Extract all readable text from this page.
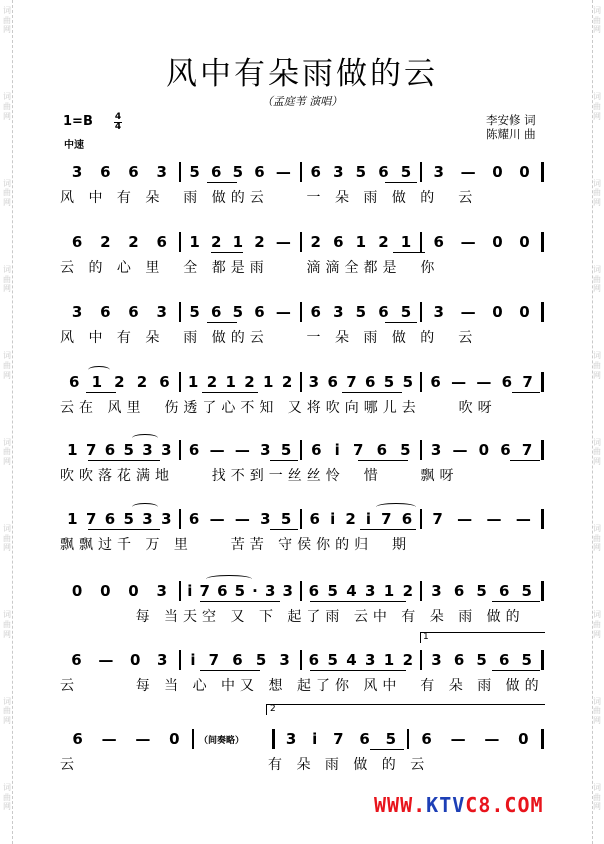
词
曲
网

词
曲
网

词
曲
网

词
曲
网

词
曲
网

词
曲
网

词
曲
网

词
曲
网

词
曲
网

词
曲
网
词
曲
网

词
曲
网

词
曲
网

词
曲
网

词
曲
网

词
曲
网

词
曲
网

词
曲
网

词
曲
网

词
曲
网
风中有朵雨做的云
（孟庭苇 演唱）
1=B 4
4
中速
李安修 词
陈耀川 曲
3 6 6 3 5 6 5 6 — 6 3 5 6 5 3 — 0 0
风 中 有 朵  雨 做的云    一 朵 雨 做 的  云
6 2 2 6 1 2 1 2 — 2 6 1 2 1 6 — 0 0
云 的 心 里  全 都是雨    滴滴全都是  你
3 6 6 3 5 6 5 6 — 6 3 5 6 5 3 — 0 0
风 中 有 朵  雨 做的云    一 朵 雨 做 的  云
6 1 2 2 6 1 2 1 2 1 2 3 6 7 6 5 5 6 — — 6 7
云在 风里  伤透了心不知 又将吹向哪儿去    吹呀
1 7 6 5 3 3 6 — — 3 5 6 i 7 6 5 3 — 0 6 7
吹吹落花满地    找不到一丝丝怜  惜    飘呀
1 7 6 5 3 3 6 — — 3 5 6 i 2 i 7 6 7 — — —
飘飘过千 万 里    苦苦 守侯你的归  期
0 0 0 3 i 7 6 5 · 3 3 6 5 4 3 1 2 3 6 5 6 5
每 当天空 又 下 起了雨 云中 有 朵 雨 做的
1
6 — 0 3 i 7 6 5 3 6 5 4 3 1 2 3 6 5 6 5
云      每 当 心 中又 想 起了你 风中  有 朵 雨 做的
2
6 — — 0	3 i 7 6 5 6 — — 0
云                    有 朵 雨 做 的 云
（间奏略）
WWW.KTVC8.COM
